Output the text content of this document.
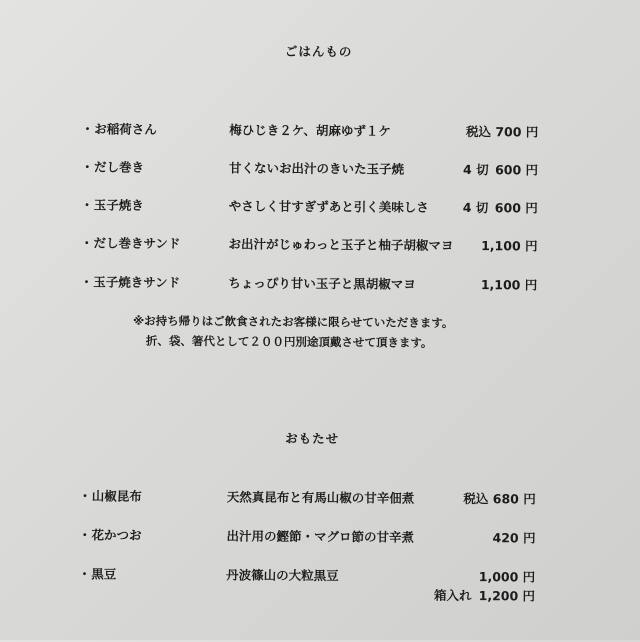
ごはんもの
・ お稲荷さん	梅ひじき２ケ、胡麻ゆず１ケ	税込 700 円
・ だし巻き	甘くないお出汁のきいた玉子焼	4 切 600 円
・ 玉子焼き	やさしく甘すぎずあと引く美味しさ	4 切 600 円
・ だし巻きサンド	お出汁がじゅわっと玉子と柚子胡椒マヨ 1,100 円
・ 玉子焼きサンド	ちょっぴり甘い玉子と黒胡椒マヨ	1,100 円
※お持ち帰りはご飲食されたお客様に限らせていただきます。
折、袋、箸代として２００円別途頂戴させて頂きます。
おもたせ
・ 山椒昆布	天然真昆布と有馬山椒の甘辛佃煮	税込 680 円
・ 花かつお	出汁用の鰹節・マグロ節の甘辛煮	420 円
・ 黒豆	丹波篠山の大粒黒豆	1,000 円
箱入れ 1,200 円
